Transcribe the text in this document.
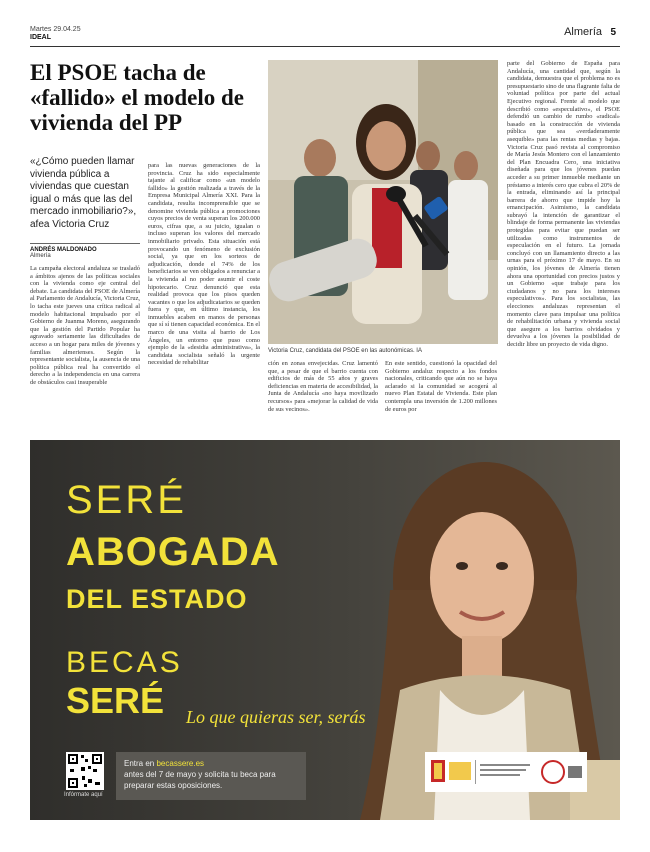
Martes 29.04.25
IDEAL	Almería 5
El PSOE tacha de «fallido» el modelo de vivienda del PP
«¿Cómo pueden llamar vivienda pública a viviendas que cuestan igual o más que las del mercado inmobiliario?», afea Victoria Cruz
ANDRÉS MALDONADO
Almería
La campaña electoral andaluza se trasladó a ámbitos ajenos de las políticas sociales con la vivienda como eje central del debate. La candidata del PSOE de Almería al Parlamento de Andalucía, Victoria Cruz, lo tacha este jueves una crítica radical al modelo habitacional impulsado por el Gobierno de Juanma Moreno, asegurando que la gestión del Partido Popular ha agravado seriamente las dificultades de acceso a un hogar para miles de jóvenes y familias almerienses. Según la representante socialista, la ausencia de una política pública real ha convertido el derecho a la independencia en una carrera de obstáculos casi insuperable
para las nuevas generaciones de la provincia. Cruz ha sido especialmente tajante al calificar como «un modelo fallido» la gestión realizada a través de la Empresa Municipal Almería XXI. Para la candidata, resulta incomprensible que se denomine vivienda pública a promociones cuyos precios de venta superan los 200.000 euros, cifras que, a su juicio, igualan o incluso superan los valores del mercado inmobiliario privado. Esta situación está provocando un fenómeno de exclusión social, ya que en los sorteos de adjudicación, donde el 74% de los beneficiarios se ven obligados a renunciar a la vivienda al no poder asumir el coste hipotecario. Cruz denunció que esta realidad provoca que los pisos queden vacantes o que los adjudicatarios se queden fuera y que, en último instancia, los inmuebles acaben en manos de personas que sí sí tienen capacidad económica. En el marco de una visita al barrio de Los Ángeles, un entorno que puso como ejemplo de la «desidia administrativa», la candidata socialista señaló la urgente necesidad de rehabilitar
Victoria Cruz, candidata del PSOE en las autonómicas. IA
ción en zonas envejecidas. Cruz lamentó que, a pesar de que el barrio cuenta con edificios de más de 55 años y graves deficiencias en materia de accesibilidad, la Junta de Andalucía «no haya movilizado recursos» para «mejorar la calidad de vida de sus vecinos».
En este sentido, cuestionó la opacidad del Gobierno andaluz respecto a los fondos nacionales, criticando que aún no se haya aclarado si la comunidad se acogerá al nuevo Plan Estatal de Vivienda. Este plan contempla una inversión de 1.200 millones de euros por
parte del Gobierno de España para Andalucía, una cantidad que, según la candidata, demuestra que el problema no es presupuestario sino de una flagrante falta de voluntad política por parte del actual Ejecutivo regional. Frente al modelo que describió como «especulativo», el PSOE defendió un cambio de rumbo «radical» basado en la construcción de vivienda pública que sea «verdaderamente asequible» para las rentas medias y bajas. Victoria Cruz pasó revista al compromiso de María Jesús Montero con el lanzamiento del Plan Encuadra Cero, una iniciativa diseñada para que los jóvenes puedan acceder a su primer inmueble mediante un préstamo a interés cero que cubra el 20% de la entrada, eliminando así la principal barrera de ahorro que impide hoy la emancipación. Asimismo, la candidata subrayó la intención de garantizar el blindaje de forma permanente las viviendas protegidas para evitar que puedan ser utilizadas como instrumentos de especulación en el futuro. La jornada concluyó con un llamamiento directo a las urnas para el próximo 17 de mayo. En su opinión, los jóvenes de Almería tienen ahora una oportunidad con precios justos y un Gobierno «que trabaje para los ciudadanos y no para los intereses especulativos». Para los socialistas, las elecciones andaluzas representan el momento clave para impulsar una política de rehabilitación urbana y vivienda social que asegure a los barrios olvidados y devuelva a los jóvenes la posibilidad de decidir libre un proyecto de vida digno.
SERÉ
ABOGADA
DEL ESTADO
BECAS
SERÉ Lo que quieras ser, serás
Infórmate aquí
Entra en becassere.es
antes del 7 de mayo y solicita tu beca para preparar estas oposiciones.
